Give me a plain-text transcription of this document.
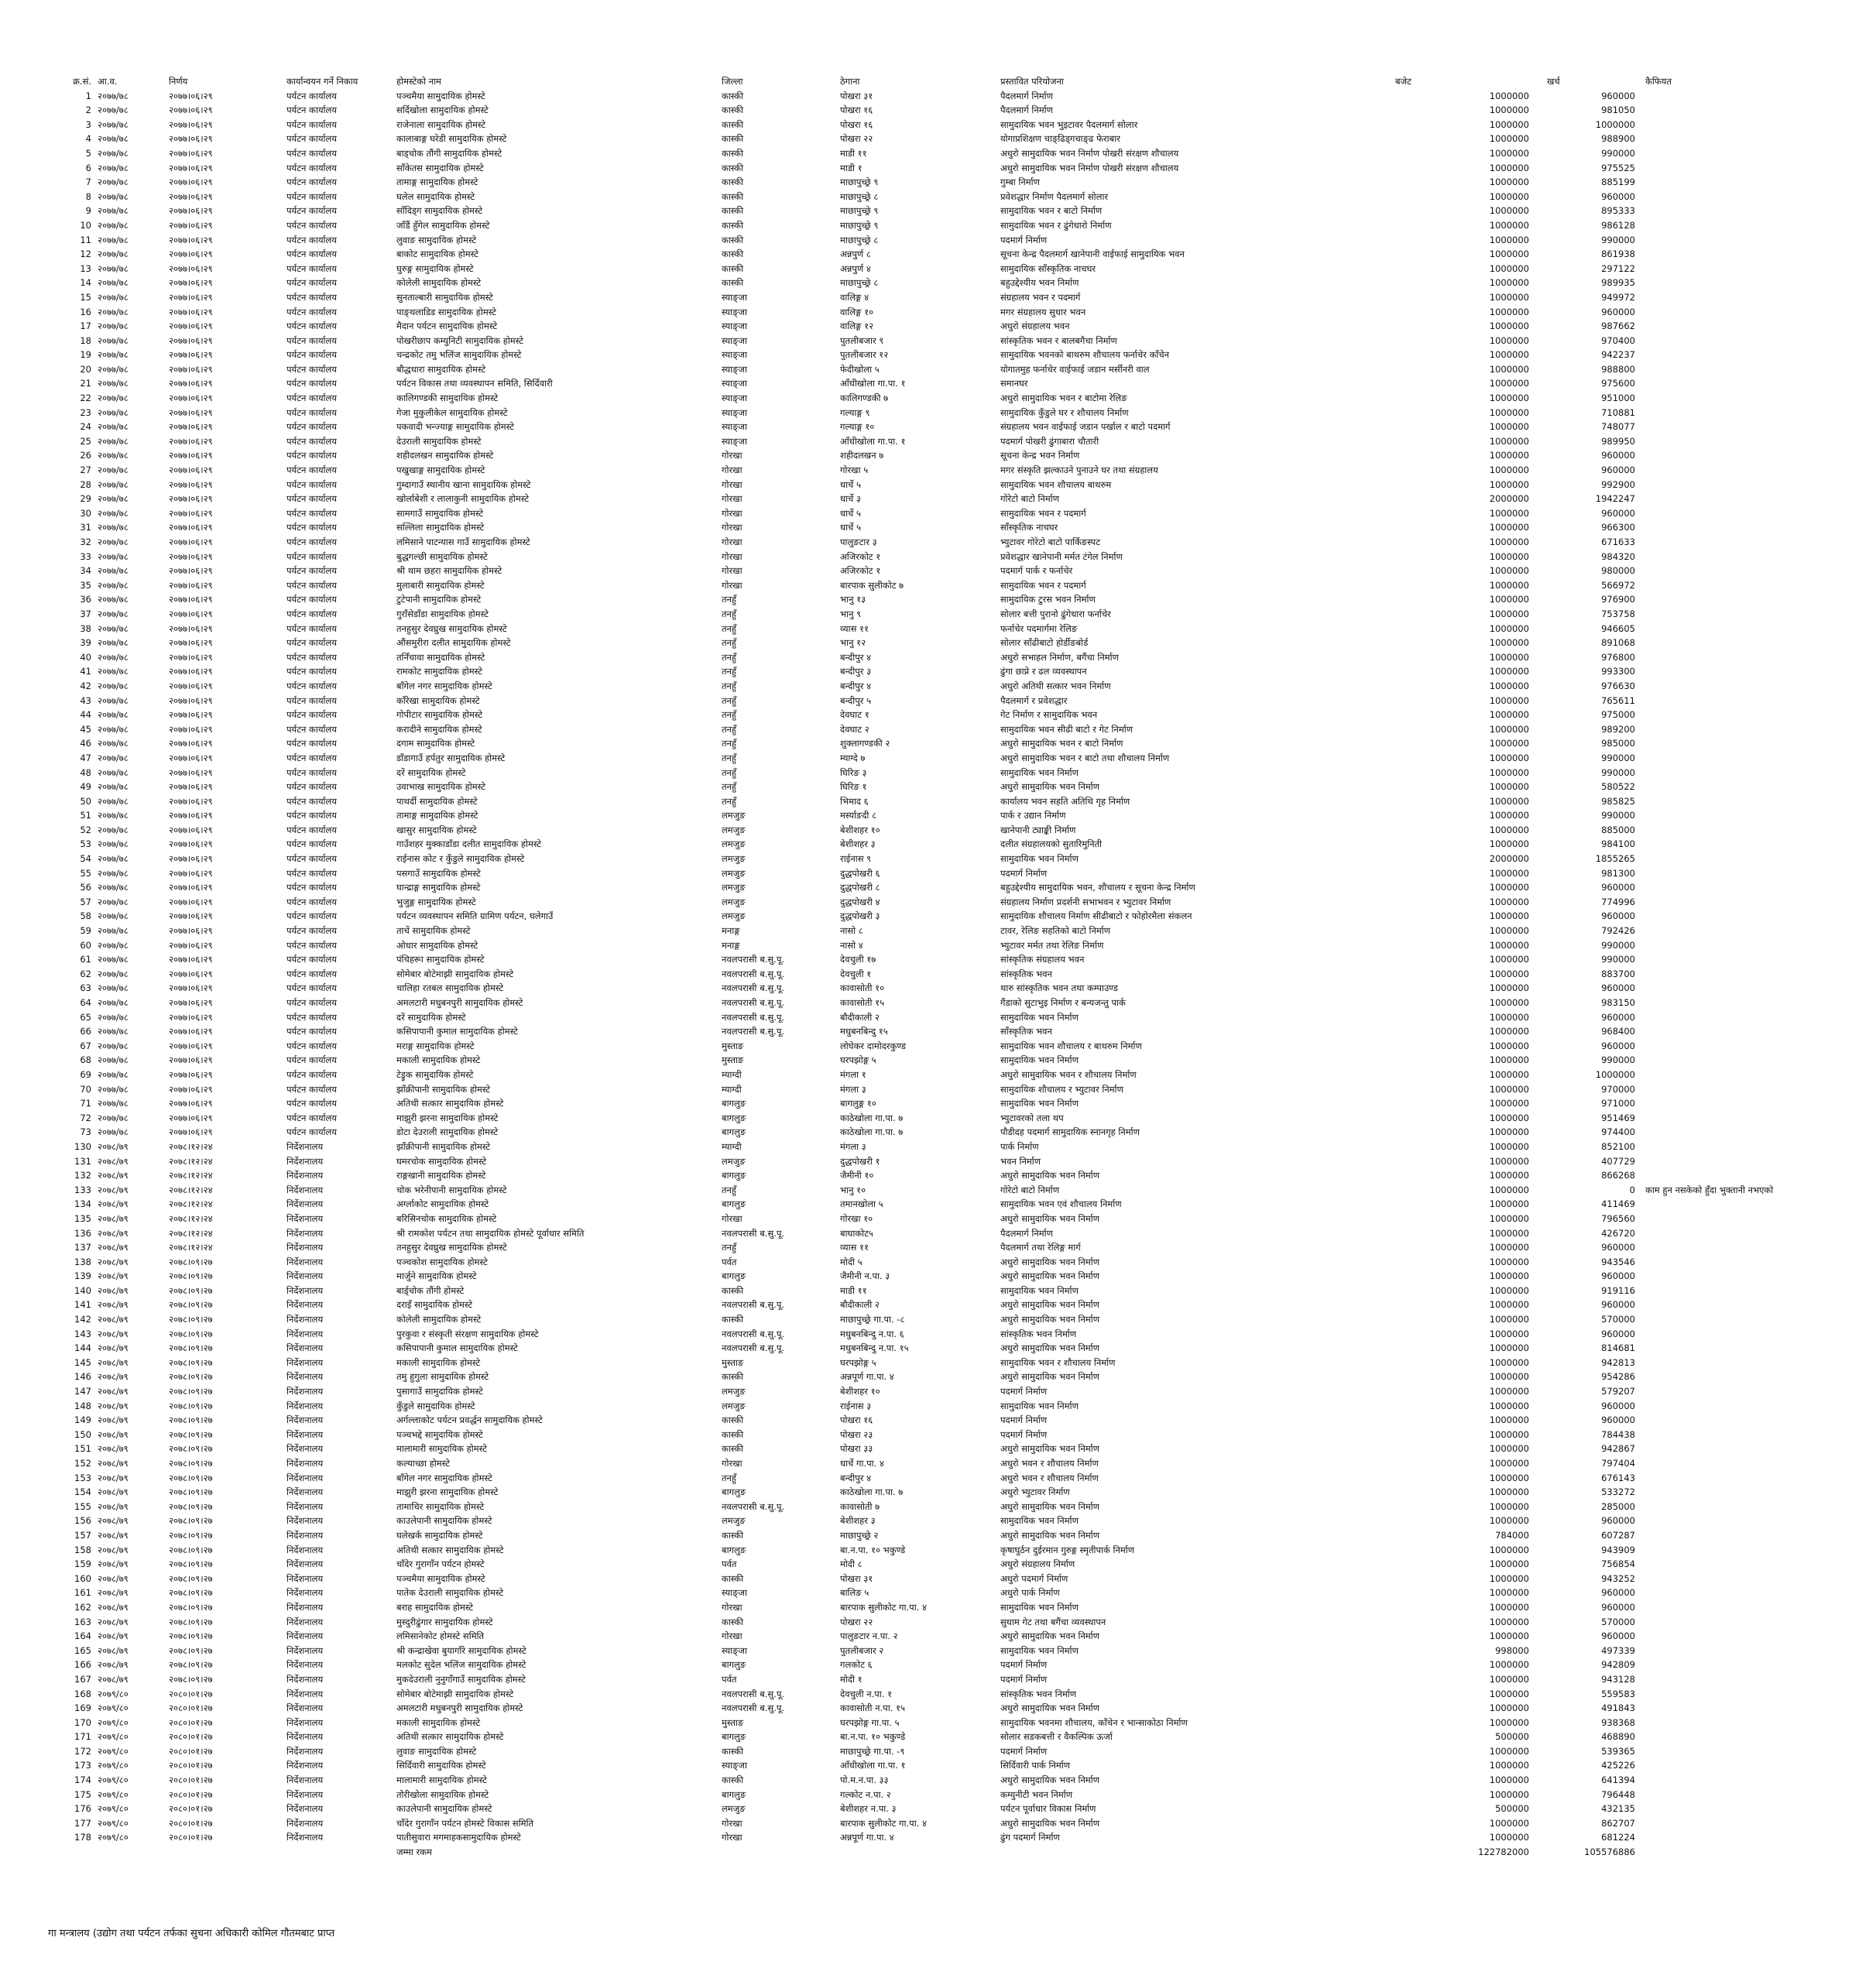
क्र.सं. आ.व.	निर्णय	कार्यान्वयन गर्ने निकाय	होमस्टेको नाम	जिल्ला	ठेगाना	प्रस्तावित परियोजना	बजेट	खर्च	कैफियत
1 २०७७/७८	२०७७।०६।२९	पर्यटन कार्यालय	पञ्चमैया सामुदायिक होमस्टे	कास्की	पोखरा ३१	पैदलमार्ग निर्माण	1000000	960000
2 २०७७/७८	२०७७।०६।२९	पर्यटन कार्यालय	सर्दिखोला सामुदायिक होमस्टे	कास्की	पोखरा १६	पैदलमार्ग निर्माण	1000000	981050
3 २०७७/७८	२०७७।०६।२९	पर्यटन कार्यालय	राजेनाला सामुदायिक होमस्टे	कास्की	पोखरा १६	सामुदायिक भवन भुइटावर पैदलमार्ग सोलार	1000000	1000000
4 २०७७/७८	२०७७।०६।२९	पर्यटन कार्यालय	कालाबाङ्ग घरेडी सामुदायिक होमस्टे	कास्की	पोखरा २२	योगाप्रशिक्षण चाङ्ढिड्गचाङ्ढ फेराबार	1000000	988900
5 २०७७/७८	२०७७।०६।२९	पर्यटन कार्यालय	बाड्चोक तौंगी सामुदायिक होमस्टे	कास्की	माडी ११	अधुरो सामुदायिक भवन निर्माण पोखरी संरक्षण शौचालय	1000000	990000
6 २०७७/७८	२०७७।०६।२९	पर्यटन कार्यालय	साँकेतस सामुदायिक होमस्टे	कास्की	माडी १	अधुरो सामुदायिक भवन निर्माण पोखरी संरक्षण शौचालय	1000000	975525
7 २०७७/७८	२०७७।०६।२९	पर्यटन कार्यालय	तामाङ्ग सामुदायिक होमस्टे	कास्की	माछापुच्छ्रे ९	गुम्बा निर्माण	1000000	885199
8 २०७७/७८	२०७७।०६।२९	पर्यटन कार्यालय	घलेल सामुदायिक होमस्टे	कास्की	माछापुच्छ्रे ८	प्रवेशद्धार निर्माण पैदलमार्ग सोलार	1000000	960000
9 २०७७/७८	२०७७।०६।२९	पर्यटन कार्यालय	साँदिड्ग सामुदायिक होमस्टे	कास्की	माछापुच्छ्रे ९	सामुदायिक भवन र बाटो निर्माण	1000000	895333
10 २०७७/७८	२०७७।०६।२९	पर्यटन कार्यालय	जाँडैं हुँगेल सामुदायिक होमस्टे	कास्की	माछापुच्छ्रे ९	सामुदायिक भवन र ढुंगेधारो निर्माण	1000000	986128
11 २०७७/७८	२०७७।०६।२९	पर्यटन कार्यालय	लुवाङ सामुदायिक होमस्टे	कास्की	माछापुच्छ्रे ८	पदमार्ग निर्माण	1000000	990000
12 २०७७/७८	२०७७।०६।२९	पर्यटन कार्यालय	बाकोट सामुदायिक होमस्टे	कास्की	अन्नपुर्ण ८	सूचना केन्द्र पैदलमार्ग खानेपानी वाईफाई सामुदायिक भवन	1000000	861938
13 २०७७/७८	२०७७।०६।२९	पर्यटन कार्यालय	घुरुङ्ग सामुदायिक होमस्टे	कास्की	अन्नपुर्ण ४	सामुदायिक साँस्कृतिक नाचघर	1000000	297122
14 २०७७/७८	२०७७।०६।२९	पर्यटन कार्यालय	कोलेली सामुदायिक होमस्टे	कास्की	माछापुच्छ्रे ८	बहुउद्देश्यीय भवन निर्माण	1000000	989935
15 २०७७/७८	२०७७।०६।२९	पर्यटन कार्यालय	सुनताल्बारी सामुदायिक होमस्टे	स्याङ्जा	वालिङ्ग ४	संग्रहालय भवन र पदमार्ग	1000000	949972
16 २०७७/७८	२०७७।०६।२९	पर्यटन कार्यालय	पाङ्थलाडिड सामुदायिक होमस्टे	स्याङ्जा	वालिङ्ग १०	मगर संग्रहालय सुधार भवन	1000000	960000
17 २०७७/७८	२०७७।०६।२९	पर्यटन कार्यालय	मैदान पर्यटन सामुदायिक होमस्टे	स्याङ्जा	वालिङ्ग १२	अधुरो संग्रहालय भवन	1000000	987662
18 २०७७/७८	२०७७।०६।२९	पर्यटन कार्यालय	पोखरीछाप कम्युनिटी सामुदायिक होमस्टे	स्याङ्जा	पुतलीबजार ९	सांस्कृतिक भवन र बालबगैचा निर्माण	1000000	970400
19 २०७७/७८	२०७७।०६।२९	पर्यटन कार्यालय	चन्द्रकोट तमु भलिंज सामुदायिक होमस्टे	स्याङ्जा	पुतलीबजार १२	सामुदायिक भवनको बाथरुम शौचालय फर्नाचेर काँचेन	1000000	942237
20 २०७७/७८	२०७७।०६।२९	पर्यटन कार्यालय	बौद्धधारा सामुदायिक होमस्टे	स्याङ्जा	फेदीखोला ५	योगातमुह फर्नाचेर वाईफाई जडान मर्सीनरी वाल	1000000	988800
21 २०७७/७८	२०७७।०६।२९	पर्यटन कार्यालय	पर्यटन विकास तथा व्यवस्थापन समिति, सिर्दिवारी	स्याङ्जा	आँधीखोला गा.पा. १	समानघर	1000000	975600
22 २०७७/७८	२०७७।०६।२९	पर्यटन कार्यालय	कालिगण्डकी सामुदायिक होमस्टे	स्याङ्जा	कालिगण्डकी ७	अधुरो सामुदायिक भवन र बाटोमा रेलिङ	1000000	951000
23 २०७७/७८	२०७७।०६।२९	पर्यटन कार्यालय	गेजा मुकुलीकेल सामुदायिक होमस्टे	स्याङ्जा	गल्याङ्ग ९	सामुदायिक कुँडुले घर र शौचालय निर्माण	1000000	710881
24 २०७७/७८	२०७७।०६।२९	पर्यटन कार्यालय	पकवादी भन्ज्याङ्ग सामुदायिक होमस्टे	स्याङ्जा	गल्याङ्ग १०	संग्रहालय भवन वाईफाई जडान पर्खाल र बाटो पदमार्ग	1000000	748077
25 २०७७/७८	२०७७।०६।२९	पर्यटन कार्यालय	देउराली सामुदायिक होमस्टे	स्याङ्जा	आँधीखोला गा.पा. १	पदमार्ग पोखरी ढुंगाबारा चौतारी	1000000	989950
26 २०७७/७८	२०७७।०६।२९	पर्यटन कार्यालय	शहीदलखन सामुदायिक होमस्टे	गोरखा	शहीदलखन ७	सूचना केन्द्र भवन निर्माण	1000000	960000
27 २०७७/७८	२०७७।०६।२९	पर्यटन कार्यालय	पखुखाङ्ग सामुदायिक होमस्टे	गोरखा	गोरखा ५	मगर संस्कृति झल्काउने पुनाउने घर तथा संग्रहालय	1000000	960000
28 २०७७/७८	२०७७।०६।२९	पर्यटन कार्यालय	गुम्दागाउँ स्थानीय खाना सामुदायिक होमस्टे	गोरखा	धार्चे ५	सामुदायिक भवन शौचालय बाथरुम	1000000	992900
29 २०७७/७८	२०७७।०६।२९	पर्यटन कार्यालय	खोर्लाबेशी र लालाकुनी सामुदायिक होमस्टे	गोरखा	धार्चे ३	गोरेटो बाटो निर्माण	2000000	1942247
30 २०७७/७८	२०७७।०६।२९	पर्यटन कार्यालय	सामगाउँ सामुदायिक होमस्टे	गोरखा	धार्चे ५	सामुदायिक भवन र पदमार्ग	1000000	960000
31 २०७७/७८	२०७७।०६।२९	पर्यटन कार्यालय	सल्लिला सामुदायिक होमस्टे	गोरखा	धार्चे ५	साँस्कृतिक नाचघर	1000000	966300
32 २०७७/७८	२०७७।०६।२९	पर्यटन कार्यालय	लमिसाने पाटन्यास गाउँ सामुदायिक होमस्टे	गोरखा	पालुङटार ३	भ्युटावर गोरेटो बाटो पार्किङस्पट	1000000	671633
33 २०७७/७८	२०७७।०६।२९	पर्यटन कार्यालय	बुद्धगल्छी सामुदायिक होमस्टे	गोरखा	अजिरकोट १	प्रवेशद्धार खानेपानी मर्मत टंगेल निर्माण	1000000	984320
34 २०७७/७८	२०७७।०६।२९	पर्यटन कार्यालय	श्री थाम छहरा सामुदायिक होमस्टे	गोरखा	अजिरकोट १	पदमार्ग पार्क र फर्नाचेर	1000000	980000
35 २०७७/७८	२०७७।०६।२९	पर्यटन कार्यालय	मुलाबारी सामुदायिक होमस्टे	गोरखा	बारपाक सुलीकोट ७	सामुदायिक भवन र पदमार्ग	1000000	566972
36 २०७७/७८	२०७७।०६।२९	पर्यटन कार्यालय	टुटेपानी सामुदायिक होमस्टे	तनहुँ	भानु १३	सामुदायिक टुरस भवन निर्माण	1000000	976900
37 २०७७/७८	२०७७।०६।२९	पर्यटन कार्यालय	गुराँसेडाँडा सामुदायिक होमस्टे	तनहुँ	भानु ९	सोलार बत्ती पुरानो ढुंगेधारा फर्नाचेर	1000000	753758
38 २०७७/७८	२०७७।०६।२९	पर्यटन कार्यालय	तनहुसुर देवघ्रुख सामुदायिक होमस्टे	तनहुँ	व्यास ११	फर्नाचेर पदमार्गमा रेलिङ	1000000	946605
39 २०७७/७८	२०७७।०६।२९	पर्यटन कार्यालय	औंसमुरीरा दलीत सामुदायिक होमस्टे	तनहुँ	भानु १२	सोलार साँढीबाटो होर्डीङबोर्ड	1000000	891068
40 २०७७/७८	२०७७।०६।२९	पर्यटन कार्यालय	तनिँचावा सामुदायिक होमस्टे	तनहुँ	बन्दीपुर ४	अधुरो सभाहल निर्माण, बगैंचा निर्माण	1000000	976800
41 २०७७/७८	२०७७।०६।२९	पर्यटन कार्यालय	रामकोट सामुदायिक होमस्टे	तनहुँ	बन्दीपुर ३	ढुंगा छाप्ने र ढल व्यवस्थापन	1000000	993300
42 २०७७/७८	२०७७।०६।२९	पर्यटन कार्यालय	बाँगेल नगर सामुदायिक होमस्टे	तनहुँ	बन्दीपुर ४	अधुरो अतिथी सत्कार भवन निर्माण	1000000	976630
43 २०७७/७८	२०७७।०६।२९	पर्यटन कार्यालय	काँरेखा सामुदायिक होमस्टे	तनहुँ	बन्दीपुर ५	पैदलमार्ग र प्रवेशद्धार	1000000	765611
44 २०७७/७८	२०७७।०६।२९	पर्यटन कार्यालय	गोपीटार सामुदायिक होमस्टे	तनहुँ	देवघाट १	गेट निर्माण र सामुदायिक भवन	1000000	975000
45 २०७७/७८	२०७७।०६।२९	पर्यटन कार्यालय	करादीने सामुदायिक होमस्टे	तनहुँ	देवघाट २	सामुदायिक भवन सीढी बाटो र गेट निर्माण	1000000	989200
46 २०७७/७८	२०७७।०६।२९	पर्यटन कार्यालय	दगाम सामुदायिक होमस्टे	तनहुँ	शुक्लागण्डकी २	अधुरो सामुदायिक भवन र बाटो निर्माण	1000000	985000
47 २०७७/७८	२०७७।०६।२९	पर्यटन कार्यालय	डाँडागाउँ हर्पतुर सामुदायिक होमस्टे	तनहुँ	म्याग्दे ७	अधुरो सामुदायिक भवन र बाटो तथा शौचालय निर्माण	1000000	990000
48 २०७७/७८	२०७७।०६।२९	पर्यटन कार्यालय	दरें सामुदायिक होमस्टे	तनहुँ	घिरिङ ३	सामुदायिक भवन निर्माण	1000000	990000
49 २०७७/७८	२०७७।०६।२९	पर्यटन कार्यालय	उवाभाख सामुदायिक होमस्टे	तनहुँ	घिरिङ १	अधुरो सामुदायिक भवन निर्माण	1000000	580522
50 २०७७/७८	२०७७।०६।२९	पर्यटन कार्यालय	पाथर्दी सामुदायिक होमस्टे	तनहुँ	भिमाद ६	कार्यालय भवन सहति अतिथि गृह निर्माण	1000000	985825
51 २०७७/७८	२०७७।०६।२९	पर्यटन कार्यालय	तामाङ्ग सामुदायिक होमस्टे	लमजुङ	मर्स्याङदी ८	पार्क र उद्यान निर्माण	1000000	990000
52 २०७७/७८	२०७७।०६।२९	पर्यटन कार्यालय	खासुर सामुदायिक होमस्टे	लमजुङ	बेशीशहर १०	खानेपानी ट्याङ्की निर्माण	1000000	885000
53 २०७७/७८	२०७७।०६।२९	पर्यटन कार्यालय	गाउँशहर मुक्काडाँडा दलीत सामुदायिक होमस्टे	लमजुङ	बेशीशहर ३	दलीत संग्रहालयको सुतारिमुनिती	1000000	984100
54 २०७७/७८	२०७७।०६।२९	पर्यटन कार्यालय	राईनास कोट र कुँडुले सामुदायिक होमस्टे	लमजुङ	राईनास ९	सामुदायिक भवन निर्माण	2000000	1855265
55 २०७७/७८	२०७७।०६।२९	पर्यटन कार्यालय	पसगाउँ सामुदायिक होमस्टे	लमजुङ	दुद्धपोखरी ६	पदमार्ग निर्माण	1000000	981300
56 २०७७/७८	२०७७।०६।२९	पर्यटन कार्यालय	घान्द्राङ्ग सामुदायिक होमस्टे	लमजुङ	दुद्धपोखरी ८	बहुउद्देश्यीय सामुदायिक भवन, शौचालय र सूचना केन्द्र निर्माण	1000000	960000
57 २०७७/७८	२०७७।०६।२९	पर्यटन कार्यालय	भुजुङ्ग सामुदायिक होमस्टे	लमजुङ	दुद्धपोखरी ४	संग्रहालय निर्माण प्रदर्शनी सभाभवन र भ्युटावर निर्माण	1000000	774996
58 २०७७/७८	२०७७।०६।२९	पर्यटन कार्यालय	पर्यटन व्यवस्थापन समिति ग्रामिण पर्यटन, घलेगाउँ	लमजुङ	दुद्धपोखरी ३	सामुदायिक शौचालय निर्माण सीढीबाटो र फोहोरमैला संकलन	1000000	960000
59 २०७७/७८	२०७७।०६।२९	पर्यटन कार्यालय	ताचें सामुदायिक होमस्टे	मनाङ्ग	नासो ८	टावर, रेलिङ सहतिको बाटो निर्माण	1000000	792426
60 २०७७/७८	२०७७।०६।२९	पर्यटन कार्यालय	ओधार सामुदायिक होमस्टे	मनाङ्ग	नासो ४	भ्युटावर मर्मत तथा रेलिङ निर्माण	1000000	990000
61 २०७७/७८	२०७७।०६।२९	पर्यटन कार्यालय	पंचिहरूा सामुदायिक होमस्टे	नवलपरासी ब.सु.पू.	देवचुली १७	सांस्कृतिक संग्रहालय भवन	1000000	990000
62 २०७७/७८	२०७७।०६।२९	पर्यटन कार्यालय	सोमेबार बोटेमाझी सामुदायिक होमस्टे	नवलपरासी ब.सु.पू.	देवचुली १	सांस्कृतिक भवन	1000000	883700
63 २०७७/७८	२०७७।०६।२९	पर्यटन कार्यालय	चालिहा रतबल सामुदायिक होमस्टे	नवलपरासी ब.सु.पू.	कावासोती १०	थारु सांस्कृतिक भवन तथा कम्पाउण्ड	1000000	960000
64 २०७७/७८	२०७७।०६।२९	पर्यटन कार्यालय	अमलटारी मधुबनपुरी सामुदायिक होमस्टे	नवलपरासी ब.सु.पू.	कावासोती १५	गैंडाको सुटाभुइ निर्माण र बन्यजन्तु पार्क	1000000	983150
65 २०७७/७८	२०७७।०६।२९	पर्यटन कार्यालय	दरें सामुदायिक होमस्टे	नवलपरासी ब.सु.पू.	बौदीकाली २	सामुदायिक भवन निर्माण	1000000	960000
66 २०७७/७८	२०७७।०६।२९	पर्यटन कार्यालय	कसिपापानी कुमाल सामुदायिक होमस्टे	नवलपरासी ब.सु.पू.	मधुबनबिन्दु १५	साँस्कृतिक भवन	1000000	968400
67 २०७७/७८	२०७७।०६।२९	पर्यटन कार्यालय	मराङ्ग सामुदायिक होमस्टे	मुस्ताङ	लोघेकर दामोदरकुण्ड	सामुदायिक भवन शौचालय र बाथरुम निर्माण	1000000	960000
68 २०७७/७८	२०७७।०६।२९	पर्यटन कार्यालय	मकाली सामुदायिक होमस्टे	मुस्ताङ	घरपझोङ्ग ५	सामुदायिक भवन निर्माण	1000000	990000
69 २०७७/७८	२०७७।०६।२९	पर्यटन कार्यालय	टेड्रुक सामुदायिक होमस्टे	म्याग्दी	मंगला १	अधुरो सामुदायिक भवन र शौचालय निर्माण	1000000	1000000
70 २०७७/७८	२०७७।०६।२९	पर्यटन कार्यालय	झाँक्रीपानी सामुदायिक होमस्टे	म्याग्दी	मंगला ३	सामुदायिक शौचालय र भ्युटावर निर्माण	1000000	970000
71 २०७७/७८	२०७७।०६।२९	पर्यटन कार्यालय	अतिथी सत्कार सामुदायिक होमस्टे	बागलुङ	बागलुङ्ग १०	सामुदायिक भवन निर्माण	1000000	971000
72 २०७७/७८	२०७७।०६।२९	पर्यटन कार्यालय	माझुरी झरना सामुदायिक होमस्टे	बागलुङ	काठेखोला गा.पा. ७	भ्युटावरको तला थप	1000000	951469
73 २०७७/७८	२०७७।०६।२९	पर्यटन कार्यालय	डोटा देउराली सामुदायिक होमस्टे	बागलुङ	काठेखोला गा.पा. ७	पौडीदह पदमार्ग सामुदायिक स्नानगृह निर्माण	1000000	974400
130 २०७८/७९	२०७८।१२।२४	निर्देशनालय	झाँक्रीपानी सामुदायिक होमस्टे	म्याग्दी	मंगला ३	पार्क निर्माण	1000000	852100
131 २०७८/७९	२०७८।१२।२४	निर्देशनालय	घमरचोक सामुदायिक होमस्टे	लमजुङ	दुद्धपोखरी १	भवन निर्माण	1000000	407729
132 २०७८/७९	२०७८।१२।२४	निर्देशनालय	राङ्गखानी सामुदायिक होमस्टे	बागलुङ	जैमीनी १०	अधुरो सामुदायिक भवन निर्माण	1000000	866268
133 २०७८/७९	२०७८।१२।२४	निर्देशनालय	चोक भरेनीपानी सामुदायिक होमस्टे	तनहुँ	भानु १०	गोरेटो बाटो निर्माण	1000000	0 काम हुन नसकेको हुँदा भुक्तानी नभएको
134 २०७८/७९	२०७८।१२।२४	निर्देशनालय	अर्ग्लाकोट सामुदायिक होमस्टे	बागलुङ	तमानखोला ५	सामुदायिक भवन एवं शौचालय निर्माण	1000000	411469
135 २०७८/७९	२०७८।१२।२४	निर्देशनालय	बरिसिनचोक सामुदायिक होमस्टे	गोरखा	गोरखा १०	अधुरो सामुदायिक भवन निर्माण	1000000	796560
136 २०७८/७९	२०७८।१२।२४	निर्देशनालय	श्री रामकोश पर्यटन तथा सामुदायिक होमस्टे पूर्वाधार समिति	नवलपरासी ब.सु.पू.	बाघाकोट५	पैदलमार्ग निर्माण	1000000	426720
137 २०७८/७९	२०७८।१२।२४	निर्देशनालय	तनहुसुर देवघ्रुख सामुदायिक होमस्टे	तनहुँ	व्यास ११	पैदलमार्ग तथा रेलिङ्ग मार्ग	1000000	960000
138 २०७८/७९	२०७८।०९।२७	निर्देशनालय	पञ्चकोश सामुदायिक होमस्टे	पर्वत	मोदी ५	अधुरो सामुदायिक भवन निर्माण	1000000	943546
139 २०७८/७९	२०७८।०९।२७	निर्देशनालय	मार्जुने सामुदायिक होमस्टे	बागलुङ	जैमीनी न.पा. ३	अधुरो सामुदायिक भवन निर्माण	1000000	960000
140 २०७८/७९	२०७८।०९।२७	निर्देशनालय	बार्ड्चोक तौंगी होमस्टे	कास्की	माडी ११	सामुदायिक भवन निर्माण	1000000	919116
141 २०७८/७९	२०७८।०९।२७	निर्देशनालय	दराइँ सामुदायिक होमस्टे	नवलपरासी ब.सु.पू.	बौदीकाली २	अधुरो सामुदायिक भवन निर्माण	1000000	960000
142 २०७८/७९	२०७८।०९।२७	निर्देशनालय	कोलेली सामुदायिक होमस्टे	कास्की	माछापुच्छ्रे गा.पा. -८	अधुरो सामुदायिक भवन निर्माण	1000000	570000
143 २०७८/७९	२०७८।०९।२७	निर्देशनालय	पुरकुवा र संस्कृती संरक्षण सामुदायिक होमस्टे	नवलपरासी ब.सु.पू.	मधुबनबिन्दु न.पा. ६	सांस्कृतिक भवन निर्माण	1000000	960000
144 २०७८/७९	२०७८।०९।२७	निर्देशनालय	कसिपापानी कुमाल सामुदायिक होमस्टे	नवलपरासी ब.सु.पू.	मधुबनबिन्दु न.पा. १५	अधुरो सामुदायिक भवन निर्माण	1000000	814681
145 २०७८/७९	२०७८।०९।२७	निर्देशनालय	मकाली सामुदायिक होमस्टे	मुस्ताङ	घरपझोङ्ग ५	सामुदायिक भवन र शौचालय निर्माण	1000000	942813
146 २०७८/७९	२०७८।०९।२७	निर्देशनालय	तमु हुगुला सामुदायिक होमस्टे	कास्की	अन्नपूर्ण गा.पा. ४	अधुरो सामुदायिक भवन निर्माण	1000000	954286
147 २०७८/७९	२०७८।०९।२७	निर्देशनालय	पुसागाउँ सामुदायिक होमस्टे	लमजुङ	बेशीशहर १०	पदमार्ग निर्माण	1000000	579207
148 २०७८/७९	२०७८।०९।२७	निर्देशनालय	कुँडुले सामुदायिक होमस्टे	लमजुङ	राईनास ३	सामुदायिक भवन निर्माण	1000000	960000
149 २०७८/७९	२०७८।०९।२७	निर्देशनालय	अर्गल्लाकोट पर्यटन प्रवर्द्धन सामुदायिक होमस्टे	कास्की	पोखरा १६	पदमार्ग निर्माण	1000000	960000
150 २०७८/७९	२०७८।०९।२७	निर्देशनालय	पञ्चभद्दे सामुदायिक होमस्टे	कास्की	पोखरा २३	पदमार्ग निर्माण	1000000	784438
151 २०७८/७९	२०७८।०९।२७	निर्देशनालय	मालामारी सामुदायिक होमस्टे	कास्की	पोखरा ३३	अधुरो सामुदायिक भवन निर्माण	1000000	942867
152 २०७८/७९	२०७८।०९।२७	निर्देशनालय	कल्याच्छा होमस्टे	गोरखा	धार्चे गा.पा. ४	अधुरो भवन र शौचालय निर्माण	1000000	797404
153 २०७८/७९	२०७८।०९।२७	निर्देशनालय	बाँगेल नगर सामुदायिक होमस्टे	तनहुँ	बन्दीपुर ४	अधुरो भवन र शौचालय निर्माण	1000000	676143
154 २०७८/७९	२०७८।०९।२७	निर्देशनालय	माझुरी झरना सामुदायिक होमस्टे	बागलुङ	काठेखोला गा.पा. ७	अधुरो भ्युटावर निर्माण	1000000	533272
155 २०७८/७९	२०७८।०९।२७	निर्देशनालय	तामाचिर सामुदायिक होमस्टे	नवलपरासी ब.सु.पू.	कावासोती ७	अधुरो सामुदायिक भवन निर्माण	1000000	285000
156 २०७८/७९	२०७८।०९।२७	निर्देशनालय	काउलेपानी सामुदायिक होमस्टे	लमजुङ	बेशीशहर ३	सामुदायिक भवन निर्माण	1000000	960000
157 २०७८/७९	२०७८।०९।२७	निर्देशनालय	घलेखर्क सामुदायिक होमस्टे	कास्की	माछापुच्छ्रे २	अधुरो सामुदायिक भवन निर्माण	784000	607287
158 २०७८/७९	२०७८।०९।२७	निर्देशनालय	अतिथी सत्कार सामुदायिक होमस्टे	बागलुङ	बा.न.पा. १० भकुण्डे	कृषाघुर्ठन दुईरमान गुरुङ्ग स्मृतीपार्क निर्माण	1000000	943909
159 २०७८/७९	२०७८।०९।२७	निर्देशनालय	चाँदेर गुरागाँन पर्यटन होमस्टे	पर्वत	मोदी ८	अधुरो संग्रहालय निर्माण	1000000	756854
160 २०७८/७९	२०७८।०९।२७	निर्देशनालय	पञ्चमैया सामुदायिक होमस्टे	कास्की	पोखरा ३१	अधुरो पदमार्ग निर्माण	1000000	943252
161 २०७८/७९	२०७८।०९।२७	निर्देशनालय	पातेक देउराली सामुदायिक होमस्टे	स्याङ्जा	बालिङ ५	अधुरो पार्क निर्माण	1000000	960000
162 २०७८/७९	२०७८।०९।२७	निर्देशनालय	बराह सामुदायिक होमस्टे	गोरखा	बारपाक सुलीकोट गा.पा. ४	सामुदायिक भवन निर्माण	1000000	960000
163 २०७८/७९	२०७८।०९।२७	निर्देशनालय	मुस्दुरीढुंगार सामुदायिक होमस्टे	कास्की	पोखरा २२	सुधाम गेट तथा बगैंचा व्यवस्थापन	1000000	570000
164 २०७८/७९	२०७८।०९।२७	निर्देशनालय	लमिसानेकोट होमस्टे समिति	गोरखा	पालुङटार न.पा. २	अधुरो सामुदायिक भवन निर्माण	1000000	960000
165 २०७८/७९	२०७८।०९।२७	निर्देशनालय	श्री कन्द्राखेवा बुयागाँरे सामुदायिक होमस्टे	स्याङ्जा	पुतलीबजार २	सामुदायिक भवन निर्माण	998000	497339
166 २०७८/७९	२०७८।०९।२७	निर्देशनालय	मलकोट सुदेल भलिंज सामुदायिक होमस्टे	बागलुङ	गलकोट ६	पदमार्ग निर्माण	1000000	942809
167 २०७८/७९	२०७८।०९।२७	निर्देशनालय	मुकदेउराली नुनुगाँगाउँ सामुदायिक होमस्टे	पर्वत	मोदी १	पदमार्ग निर्माण	1000000	943128
168 २०७९/८०	२०८०।०१।२७	निर्देशनालय	सोमेबार बोटेमाझी सामुदायिक होमस्टे	नवलपरासी ब.सु.पू.	देवचुली न.पा. १	सांस्कृतिक भवन निर्माण	1000000	559583
169 २०७९/८०	२०८०।०१।२७	निर्देशनालय	अमलटारी मधुबनपुरी सामुदायिक होमस्टे	नवलपरासी ब.सु.पू.	कावासोती न.पा. १५	अधुरो सामुदायिक भवन निर्माण	1000000	491843
170 २०७९/८०	२०८०।०१।२७	निर्देशनालय	मकाली सामुदायिक होमस्टे	मुस्ताङ	घरपझोङ्ग गा.पा. ५	सामुदायिक भवनमा शौचालय, काँचेन र भान्साकोठा निर्माण	1000000	938368
171 २०७९/८०	२०८०।०१।२७	निर्देशनालय	अतिथी सत्कार सामुदायिक होमस्टे	बागलुङ	बा.न.पा. १० भकुण्डे	सोलार सडकबत्ती र वैकल्पिक ऊर्जा	500000	468890
172 २०७९/८०	२०८०।०१।२७	निर्देशनालय	लुवाङ सामुदायिक होमस्टे	कास्की	माछापुच्छ्रे गा.पा. -९	पदमार्ग निर्माण	1000000	539365
173 २०७९/८०	२०८०।०१।२७	निर्देशनालय	सिर्दिवारी सामुदायिक होमस्टे	स्याङ्जा	आँधीखोला गा.पा. १	सिर्दिवारी पार्क निर्माण	1000000	425226
174 २०७९/८०	२०८०।०१।२७	निर्देशनालय	मालामारी सामुदायिक होमस्टे	कास्की	पो.म.न.पा. ३३	अधुरो सामुदायिक भवन निर्माण	1000000	641394
175 २०७९/८०	२०८०।०१।२७	निर्देशनालय	तोरीखोला सामुदायिक होमस्टे	बागलुङ	गल्कोट न.पा. २	कम्युनीटी भवन निर्माण	1000000	796448
176 २०७९/८०	२०८०।०१।२७	निर्देशनालय	काउलेपानी सामुदायिक होमस्टे	लमजुङ	बेशीशहर न.पा. ३	पर्यटन पूर्वाधार विकास निर्माण	500000	432135
177 २०७९/८०	२०८०।०१।२७	निर्देशनालय	चाँदेर गुरागाँन पर्यटन होमस्टे विकास समिति	गोरखा	बारपाक सुलीकोट गा.पा. ४	अधुरो सामुदायिक भवन निर्माण	1000000	862707
178 २०७९/८०	२०८०।०१।२७	निर्देशनालय	पातीसुवारा मगमाहकसामुदायिक होमस्टे	गोरखा	अन्नपूर्ण गा.पा. ४	ढुंग पदमार्ग निर्माण	1000000	681224
जम्मा रकम	122782000	105576886
गा मन्त्रालय (उद्योग तथा पर्यटन तर्फका सुचना अधिकारी कोमिल गौतमबाट प्राप्त
